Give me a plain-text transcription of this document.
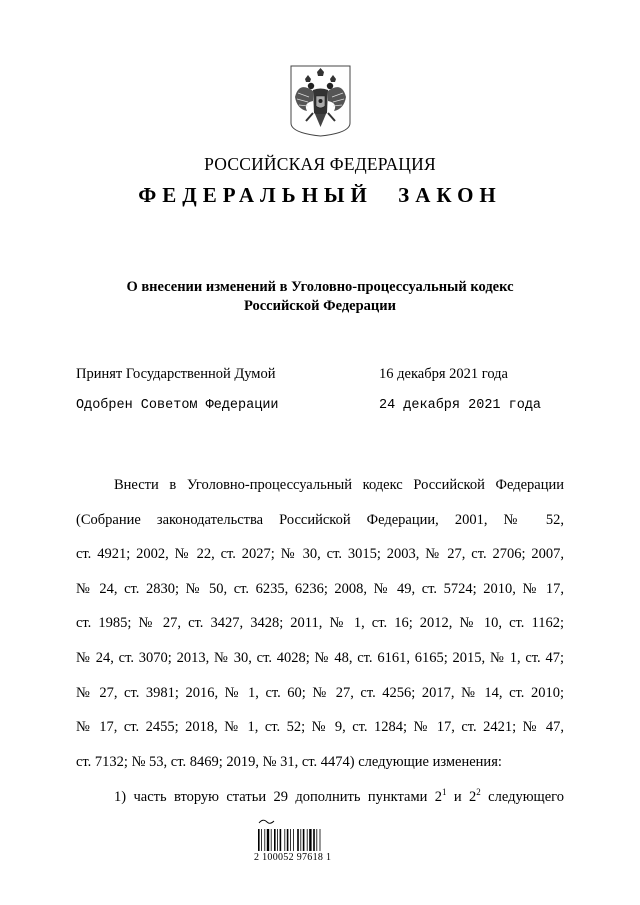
РОССИЙСКАЯ ФЕДЕРАЦИЯ
ФЕДЕРАЛЬНЫЙ ЗАКОН
О внесении изменений в Уголовно-процессуальный кодекс
Российской Федерации
Принят Государственной Думой	16 декабря 2021 года
Одобрен Советом Федерации	24 декабря 2021 года
Внести в Уголовно-процессуальный кодекс Российской Федерации
(Собрание законодательства Российской Федерации, 2001, № 52,
ст. 4921; 2002, № 22, ст. 2027; № 30, ст. 3015; 2003, № 27, ст. 2706; 2007,
№ 24, ст. 2830; № 50, ст. 6235, 6236; 2008, № 49, ст. 5724; 2010, № 17,
ст. 1985; № 27, ст. 3427, 3428; 2011, № 1, ст. 16; 2012, № 10, ст. 1162;
№ 24, ст. 3070; 2013, № 30, ст. 4028; № 48, ст. 6161, 6165; 2015, № 1, ст. 47;
№ 27, ст. 3981; 2016, № 1, ст. 60; № 27, ст. 4256; 2017, № 14, ст. 2010;
№ 17, ст. 2455; 2018, № 1, ст. 52; № 9, ст. 1284; № 17, ст. 2421; № 47,
ст. 7132; № 53, ст. 8469; 2019, № 31, ст. 4474) следующие изменения:
1) часть вторую статьи 29 дополнить пунктами $2^1$ и $2^2$ следующего
2 100052 97618 1
